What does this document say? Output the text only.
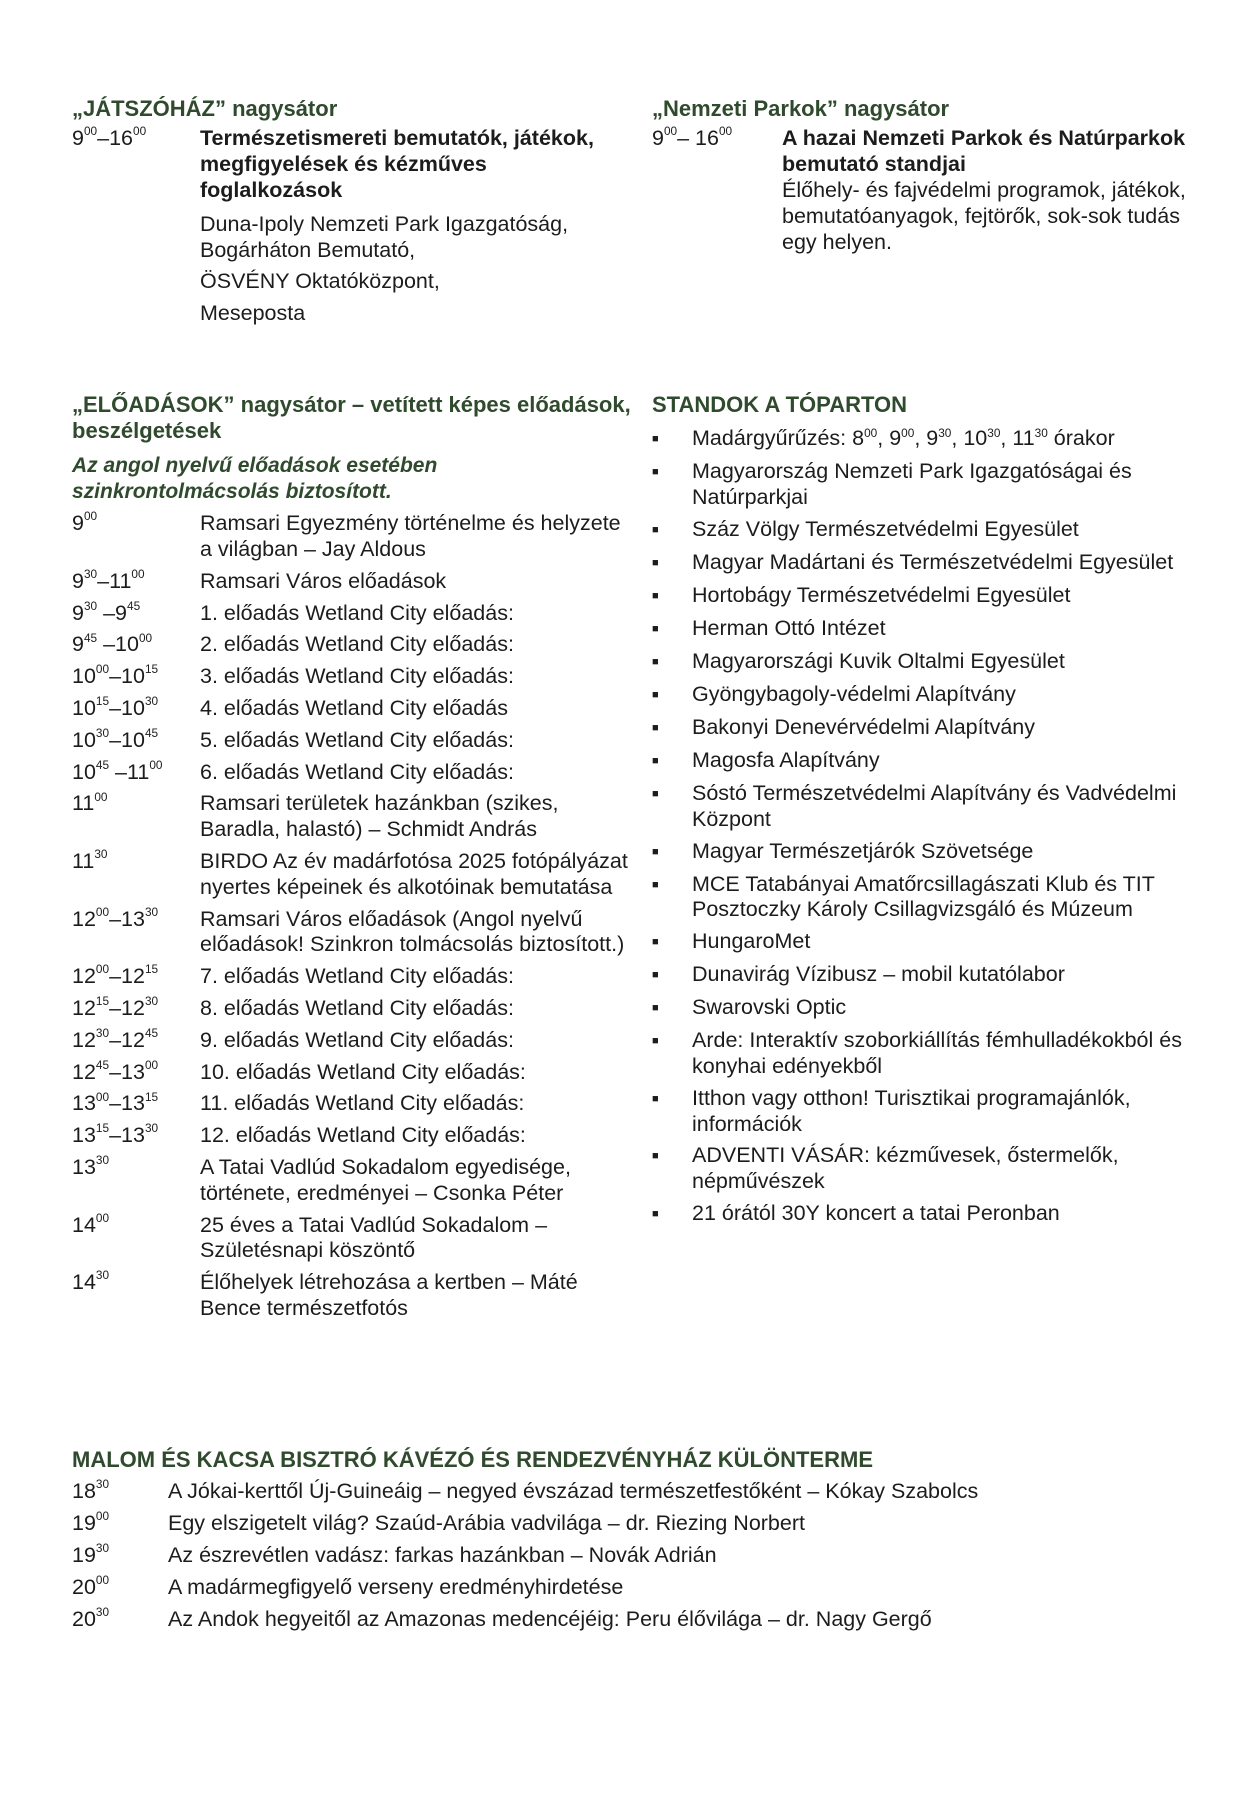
„JÁTSZÓHÁZ” nagysátor
$9^{00}-16^{00}$	Természetismereti bemutatók, játékok, megfigyelések és kézműves foglalkozások
Duna-Ipoly Nemzeti Park Igazgatóság, Bogárháton Bemutató,
ÖSVÉNY Oktatóközpont,
Meseposta
„Nemzeti Parkok” nagysátor
$9^{00}-$ $16^{00}$	A hazai Nemzeti Parkok és Natúrparkok bemutató standjai
Élőhely- és fajvédelmi programok, játékok, bemutatóanyagok, fejtörők, sok-sok tudás egy helyen.
„ELŐADÁSOK” nagysátor – vetített képes előadások, beszélgetések
Az angol nyelvű előadások esetében szinkrontolmácsolás biztosított.
$9^{00}$	Ramsari Egyezmény történelme és helyzete a világban – Jay Aldous
$9^{30}-11^{00}$	Ramsari Város előadások
$9^{30}$ $-9^{45}$	1. előadás Wetland City előadás:
$9^{45}$ $-10^{00}$	2. előadás Wetland City előadás:
$10^{00}-10^{15}$	3. előadás Wetland City előadás:
$10^{15}-10^{30}$	4. előadás Wetland City előadás
$10^{30}-10^{45}$	5. előadás Wetland City előadás:
$10^{45}$ $-11^{00}$	6. előadás Wetland City előadás:
$11^{00}$	Ramsari területek hazánkban (szikes, Baradla, halastó) – Schmidt András
$11^{30}$	BIRDO Az év madárfotósa 2025 fotópályázat nyertes képeinek és alkotóinak bemutatása
$12^{00}-13^{30}$	Ramsari Város előadások (Angol nyelvű előadások! Szinkron tolmácsolás biztosított.)
$12^{00}-12^{15}$	7. előadás Wetland City előadás:
$12^{15}-12^{30}$	8. előadás Wetland City előadás:
$12^{30}-12^{45}$	9. előadás Wetland City előadás:
$12^{45}-13^{00}$	10. előadás Wetland City előadás:
$13^{00}-13^{15}$	11. előadás Wetland City előadás:
$13^{15}-13^{30}$	12. előadás Wetland City előadás:
$13^{30}$	A Tatai Vadlúd Sokadalom egyedisége, története, eredményei – Csonka Péter
$14^{00}$	25 éves a Tatai Vadlúd Sokadalom – Születésnapi köszöntő
$14^{30}$	Élőhelyek létrehozása a kertben – Máté Bence természetfotós
STANDOK A TÓPARTON
■	Madárgyűrűzés: $8^{00}$, $9^{00}$, $9^{30}$, $10^{30}$, $11^{30}$ órakor
■	Magyarország Nemzeti Park Igazgatóságai és Natúrparkjai
■	Száz Völgy Természetvédelmi Egyesület
■	Magyar Madártani és Természetvédelmi Egyesület
■	Hortobágy Természetvédelmi Egyesület
■	Herman Ottó Intézet
■	Magyarországi Kuvik Oltalmi Egyesület
■	Gyöngybagoly-védelmi Alapítvány
■	Bakonyi Denevérvédelmi Alapítvány
■	Magosfa Alapítvány
■	Sóstó Természetvédelmi Alapítvány és Vadvédelmi Központ
■	Magyar Természetjárók Szövetsége
■	MCE Tatabányai Amatőrcsillagászati Klub és TIT Posztoczky Károly Csillagvizsgáló és Múzeum
■	HungaroMet
■	Dunavirág Vízibusz – mobil kutatólabor
■	Swarovski Optic
■	Arde: Interaktív szoborkiállítás fémhulladékokból és konyhai edényekből
■	Itthon vagy otthon! Turisztikai programajánlók, információk
■	ADVENTI VÁSÁR: kézművesek, őstermelők, népművészek
■	21 órától 30Y koncert a tatai Peronban
MALOM ÉS KACSA BISZTRÓ KÁVÉZÓ ÉS RENDEZVÉNYHÁZ KÜLÖNTERME
$18^{30}$	A Jókai-kerttől Új-Guineáig – negyed évszázad természetfestőként – Kókay Szabolcs
$19^{00}$	Egy elszigetelt világ? Szaúd-Arábia vadvilága – dr. Riezing Norbert
$19^{30}$	Az észrevétlen vadász: farkas hazánkban – Novák Adrián
$20^{00}$	A madármegfigyelő verseny eredményhirdetése
$20^{30}$	Az Andok hegyeitől az Amazonas medencéjéig: Peru élővilága – dr. Nagy Gergő
